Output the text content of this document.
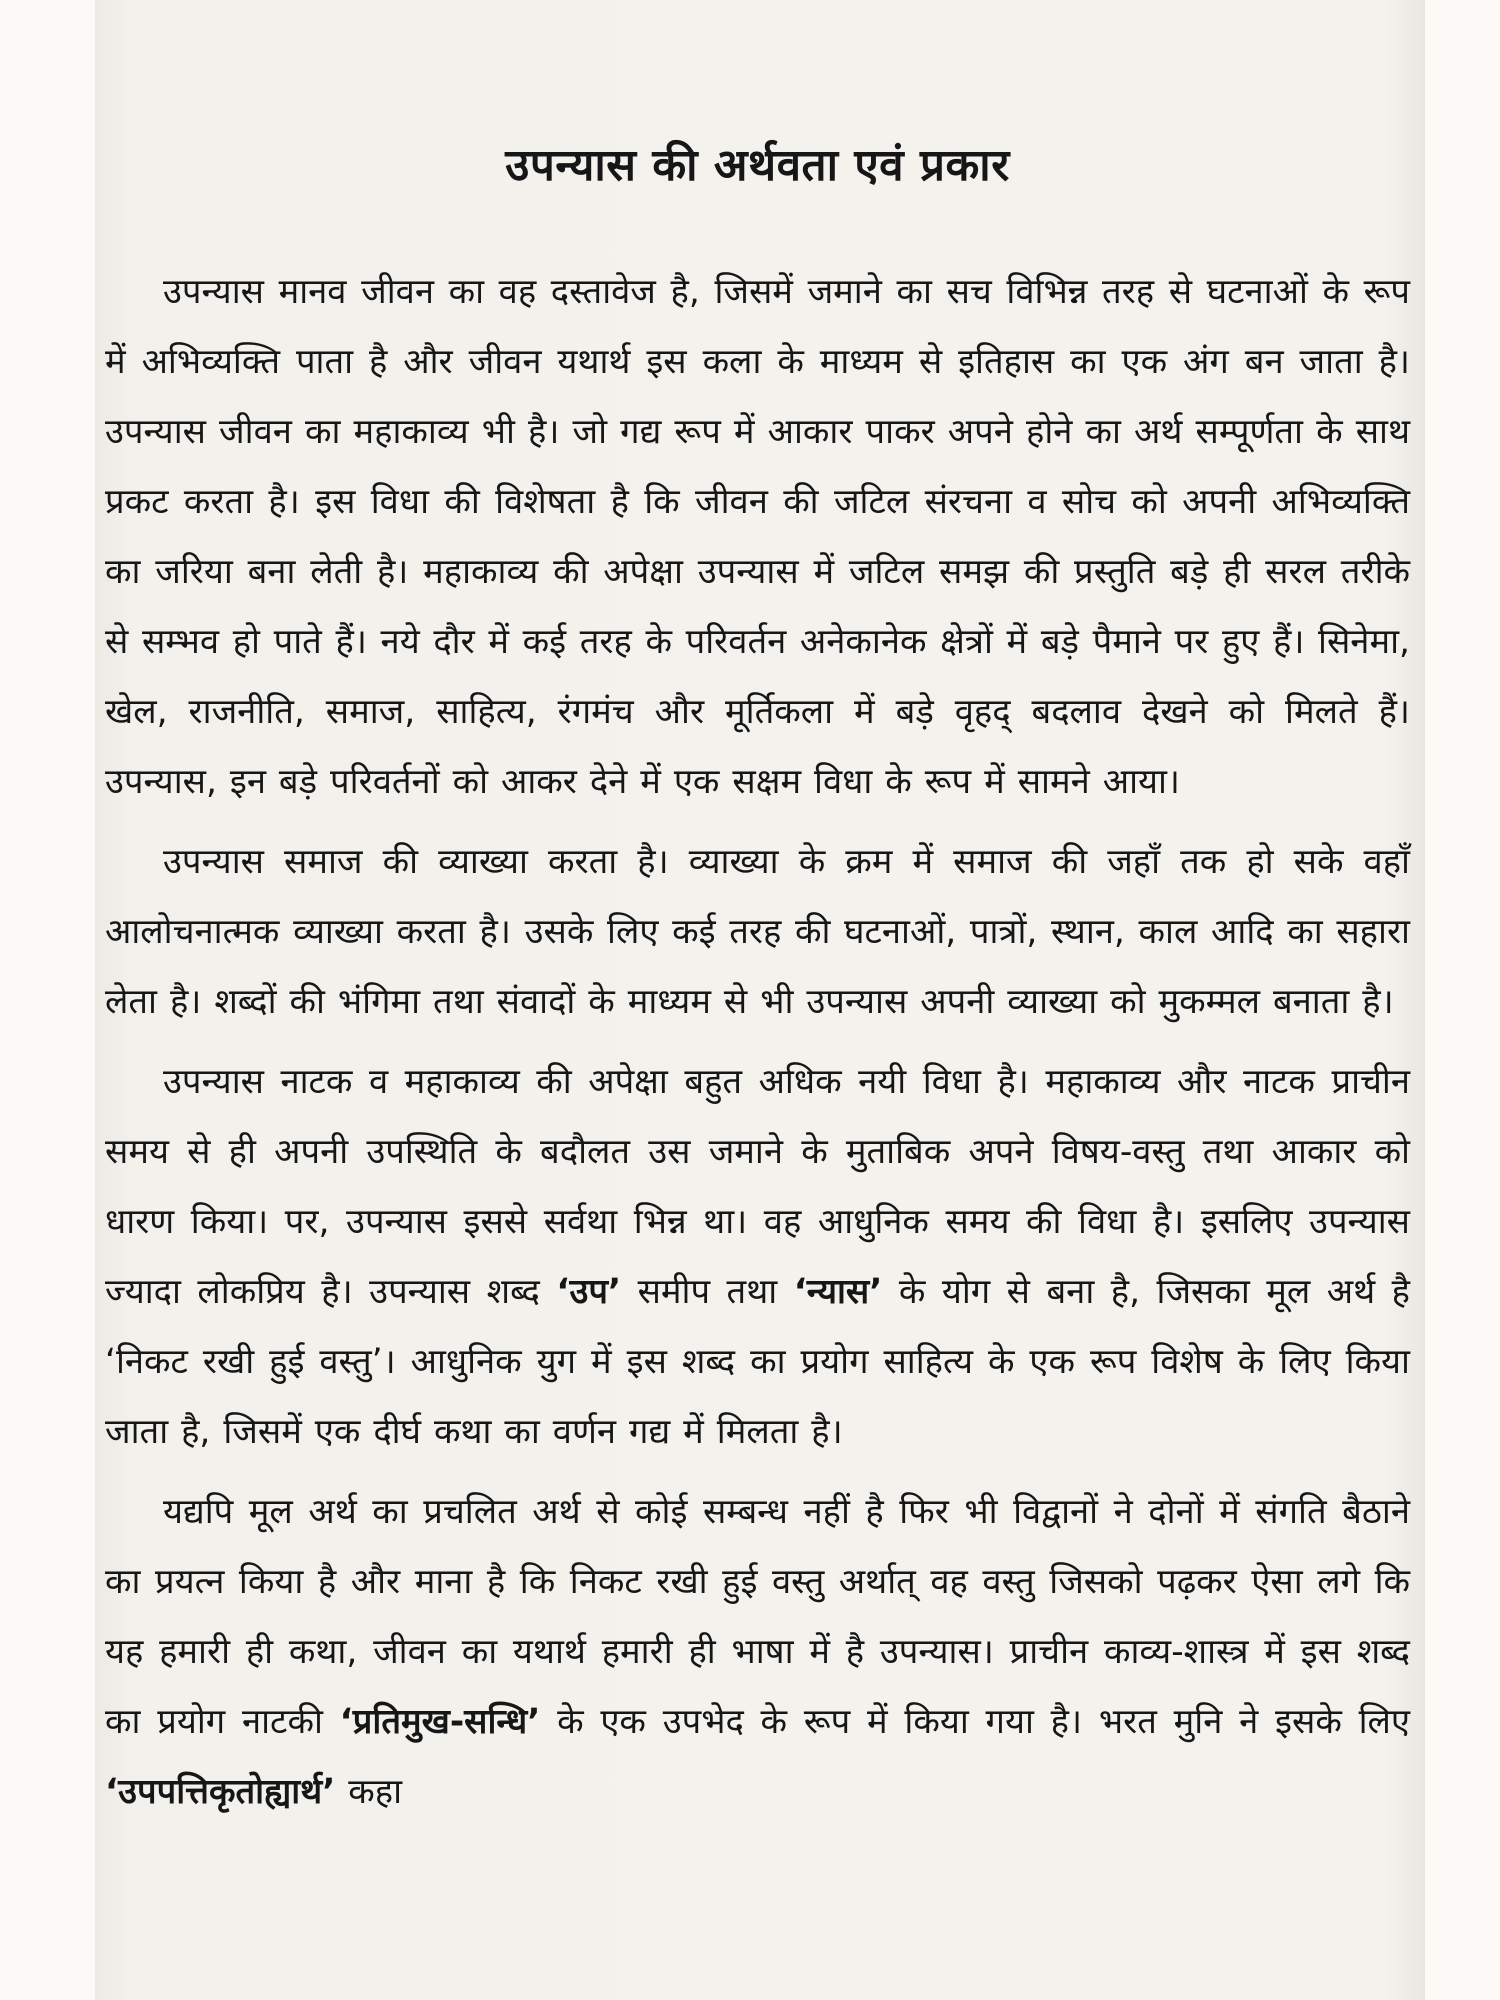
उपन्यास की अर्थवता एवं प्रकार

उपन्यास मानव जीवन का वह दस्तावेज है, जिसमें जमाने का सच विभिन्न तरह से घटनाओं के रूप में अभिव्यक्ति पाता है और जीवन यथार्थ इस कला के माध्यम से इतिहास का एक अंग बन जाता है। उपन्यास जीवन का महाकाव्य भी है। जो गद्य रूप में आकार पाकर अपने होने का अर्थ सम्पूर्णता के साथ प्रकट करता है। इस विधा की विशेषता है कि जीवन की जटिल संरचना व सोच को अपनी अभिव्यक्ति का जरिया बना लेती है। महाकाव्य की अपेक्षा उपन्यास में जटिल समझ की प्रस्तुति बड़े ही सरल तरीके से सम्भव हो पाते हैं। नये दौर में कई तरह के परिवर्तन अनेकानेक क्षेत्रों में बड़े पैमाने पर हुए हैं। सिनेमा, खेल, राजनीति, समाज, साहित्य, रंगमंच और मूर्तिकला में बड़े वृहद् बदलाव देखने को मिलते हैं। उपन्यास, इन बड़े परिवर्तनों को आकर देने में एक सक्षम विधा के रूप में सामने आया।

उपन्यास समाज की व्याख्या करता है। व्याख्या के क्रम में समाज की जहाँ तक हो सके वहाँ आलोचनात्मक व्याख्या करता है। उसके लिए कई तरह की घटनाओं, पात्रों, स्थान, काल आदि का सहारा लेता है। शब्दों की भंगिमा तथा संवादों के माध्यम से भी उपन्यास अपनी व्याख्या को मुकम्मल बनाता है।

उपन्यास नाटक व महाकाव्य की अपेक्षा बहुत अधिक नयी विधा है। महाकाव्य और नाटक प्राचीन समय से ही अपनी उपस्थिति के बदौलत उस जमाने के मुताबिक अपने विषय-वस्तु तथा आकार को धारण किया। पर, उपन्यास इससे सर्वथा भिन्न था। वह आधुनिक समय की विधा है। इसलिए उपन्यास ज्यादा लोकप्रिय है। उपन्यास शब्द ‘उप’ समीप तथा ‘न्यास’ के योग से बना है, जिसका मूल अर्थ है ‘निकट रखी हुई वस्तु’। आधुनिक युग में इस शब्द का प्रयोग साहित्य के एक रूप विशेष के लिए किया जाता है, जिसमें एक दीर्घ कथा का वर्णन गद्य में मिलता है।

यद्यपि मूल अर्थ का प्रचलित अर्थ से कोई सम्बन्ध नहीं है फिर भी विद्वानों ने दोनों में संगति बैठाने का प्रयत्न किया है और माना है कि निकट रखी हुई वस्तु अर्थात् वह वस्तु जिसको पढ़कर ऐसा लगे कि यह हमारी ही कथा, जीवन का यथार्थ हमारी ही भाषा में है उपन्यास। प्राचीन काव्य-शास्त्र में इस शब्द का प्रयोग नाटकी ‘प्रतिमुख-सन्धि’ के एक उपभेद के रूप में किया गया है। भरत मुनि ने इसके लिए ‘उपपत्तिकृतोह्यार्थ’ कहा
